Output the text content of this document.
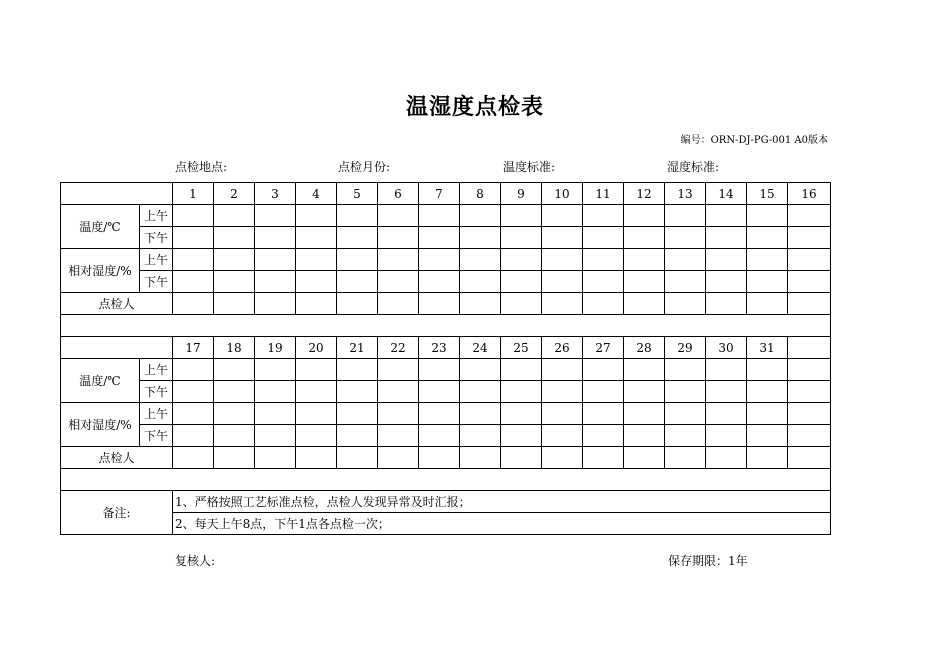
温湿度点检表
编号：ORN-DJ-PG-001 A0版本
点检地点:	点检月份:	温度标准:	湿度标准:
		1	2	3	4	5	6	7	8	9	10	11	12	13	14	15	16
温度/℃	上午																
	下午																
相对湿度/%	上午																
	下午																
点检人																	

		17	18	19	20	21	22	23	24	25	26	27	28	29	30	31	
温度/℃	上午																
	下午																
相对湿度/%	上午																
	下午																
点检人																	

备注:		1、严格按照工艺标准点检，点检人发现异常及时汇报；															
		2、每天上午8点，下午1点各点检一次；															
复核人:	保存期限：1年
